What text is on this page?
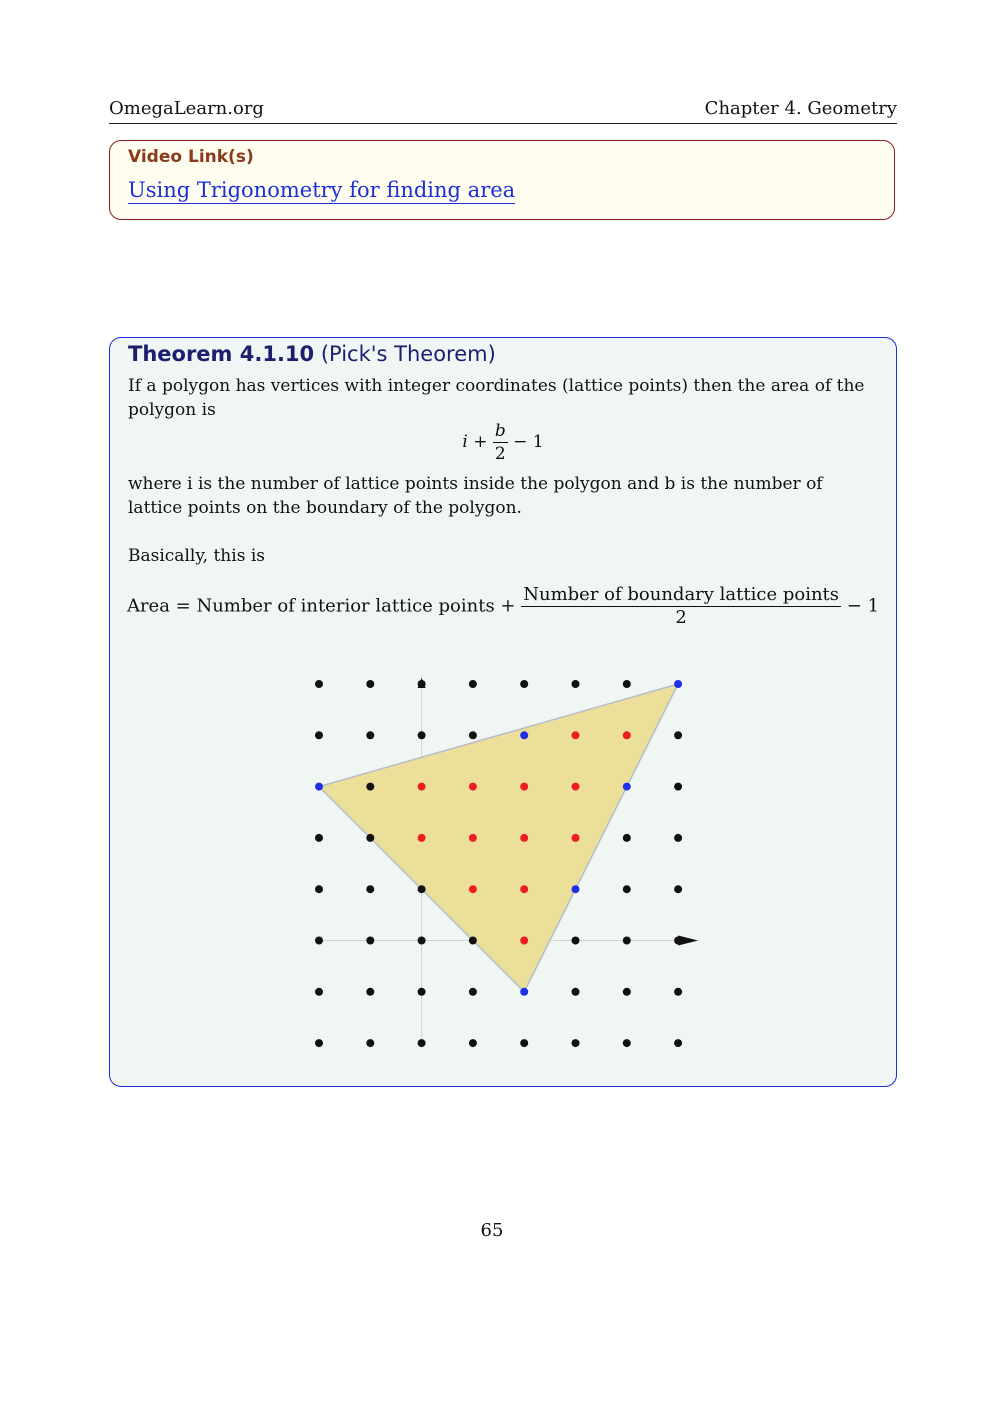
OmegaLearn.org	Chapter 4. Geometry
Video Link(s)
Using Trigonometry for finding area
Theorem 4.1.10 (Pick's Theorem)
If a polygon has vertices with integer coordinates (lattice points) then the area of the polygon is
$i + \frac{b}{2} - 1$
where i is the number of lattice points inside the polygon and b is the number of lattice points on the boundary of the polygon.
Basically, this is
Area = Number of interior lattice points + $\frac{\text{Number of boundary lattice points}}{2} - 1$
65
